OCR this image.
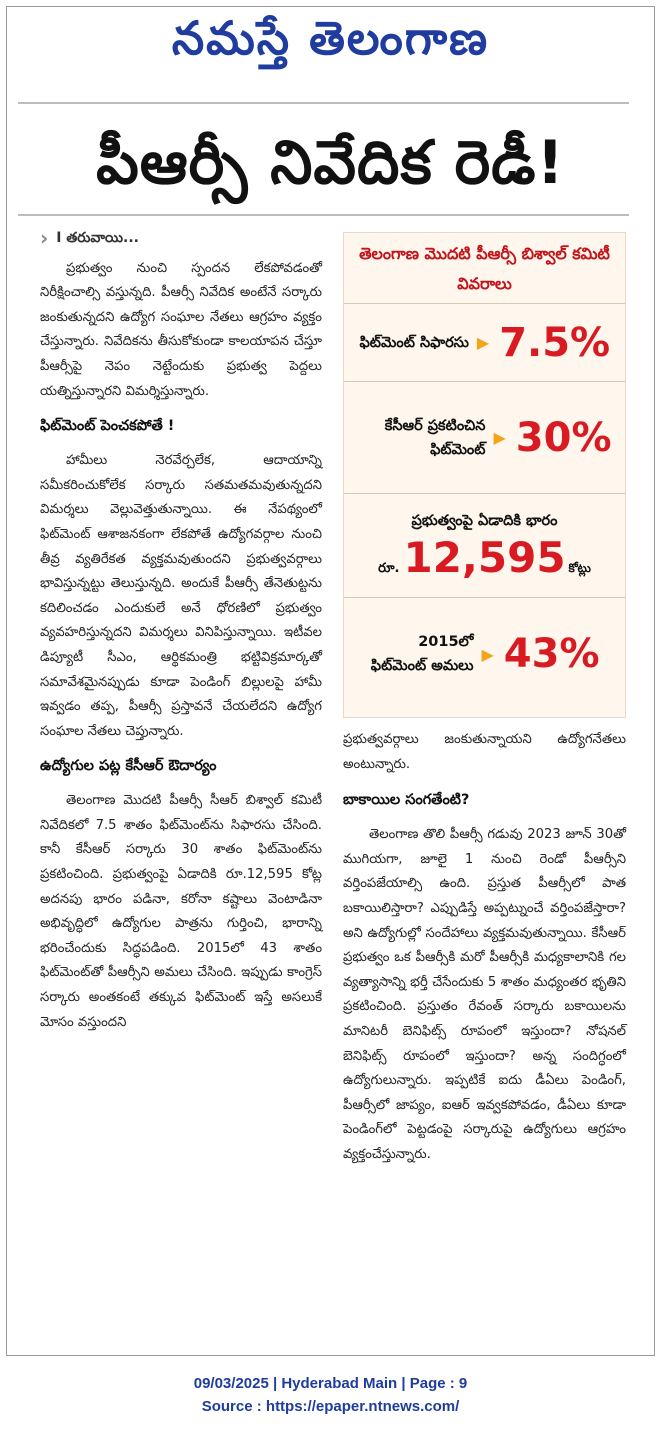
నమస్తే తెలంగాణ
పీఆర్సీ నివేదిక రెడీ!
› I తరువాయి...

ప్రభుత్వం నుంచి స్పందన లేకపోవడంతో నిరీక్షించాల్సి వస్తున్నది. పీఆర్సీ నివేదిక అంటేనే సర్కారు జంకుతున్నదని ఉద్యోగ సంఘాల నేతలు ఆగ్రహం వ్యక్తం చేస్తున్నారు. నివేదికను తీసుకోకుండా కాలయాపన చేస్తూ పీఆర్సీపై నెపం నెట్టేందుకు ప్రభుత్వ పెద్దలు యత్నిస్తున్నారని విమర్శిస్తున్నారు.

ఫిట్‌మెంట్ పెంచకపోతే !

హామీలు నెరవేర్చలేక, ఆదాయాన్ని సమీకరించుకోలేక సర్కారు సతమతమవుతున్నదని విమర్శలు వెల్లువెత్తుతున్నాయి. ఈ నేపథ్యంలో ఫిట్‌మెంట్ ఆశాజనకంగా లేకపోతే ఉద్యోగవర్గాల నుంచి తీవ్ర వ్యతిరేకత వ్యక్తమవుతుందని ప్రభుత్వవర్గాలు భావిస్తున్నట్టు తెలుస్తున్నది. అందుకే పీఆర్సీ తేనెతుట్టను కదిలించడం ఎందుకులే అనే ధోరణిలో ప్రభుత్వం వ్యవహరిస్తున్నదని విమర్శలు వినిపిస్తున్నాయి. ఇటీవల డిప్యూటీ సీఎం, ఆర్థికమంత్రి భట్టివిక్రమార్కతో సమావేశమైనప్పుడు కూడా పెండింగ్ బిల్లులపై హామీ ఇవ్వడం తప్ప, పీఆర్సీ ప్రస్తావనే చేయలేదని ఉద్యోగ సంఘాల నేతలు చెప్తున్నారు.

ఉద్యోగుల పట్ల కేసీఆర్ ఔదార్యం

తెలంగాణ మొదటి పీఆర్సీ సీఆర్ బిశ్వాల్ కమిటీ నివేదికలో 7.5 శాతం ఫిట్‌మెంట్‌ను సిఫారసు చేసింది. కానీ కేసీఆర్ సర్కారు 30 శాతం ఫిట్‌మెంట్‌ను ప్రకటించింది. ప్రభుత్వంపై ఏడాదికి రూ.12,595 కోట్ల అదనపు భారం పడినా, కరోనా కష్టాలు వెంటాడినా అభివృద్ధిలో ఉద్యోగుల పాత్రను గుర్తించి, భారాన్ని భరించేందుకు సిద్ధపడింది. 2015లో 43 శాతం ఫిట్‌మెంట్‌తో పీఆర్సీని అమలు చేసింది. ఇప్పుడు కాంగ్రెస్ సర్కారు అంతకంటే తక్కువ ఫిట్‌మెంట్ ఇస్తే అసలుకే మోసం వస్తుందని

తెలంగాణ మొదటి పీఆర్సీ బిశ్వాల్ కమిటీ వివరాలు
ఫిట్‌మెంట్ సిఫారసు ▶ 7.5%
కేసీఆర్ ప్రకటించిన ఫిట్‌మెంట్
▶ 30%
ప్రభుత్వంపై ఏడాదికి భారం
రూ. 12,595 కోట్లు
2015లో ఫిట్‌మెంట్ అమలు
▶ 43%

ప్రభుత్వవర్గాలు జంకుతున్నాయని ఉద్యోగనేతలు అంటున్నారు.

బాకాయిల సంగతేంటి?

తెలంగాణ తొలి పీఆర్సీ గడువు 2023 జూన్ 30తో ముగియగా, జూలై 1 నుంచి రెండో పీఆర్సీని వర్తింపజేయాల్సి ఉంది. ప్రస్తుత పీఆర్సీలో పాత బకాయిలిస్తారా? ఎప్పుడిస్తే అప్పట్నుంచే వర్తింపజేస్తారా? అని ఉద్యోగుల్లో సందేహాలు వ్యక్తమవుతున్నాయి. కేసీఆర్ ప్రభుత్వం ఒక పీఆర్సీకి మరో పీఆర్సీకి మధ్యకాలానికి గల వ్యత్యాసాన్ని భర్తీ చేసేందుకు 5 శాతం మధ్యంతర భృతిని ప్రకటించింది. ప్రస్తుతం రేవంత్ సర్కారు బకాయిలను మానిటరీ బెనిఫిట్స్ రూపంలో ఇస్తుందా? నోషనల్ బెనిఫిట్స్ రూపంలో ఇస్తుందా? అన్న సందిగ్ధంలో ఉద్యోగులున్నారు. ఇప్పటికే ఐదు డీఏలు పెండింగ్, పీఆర్సీలో జాప్యం, ఐఆర్ ఇవ్వకపోవడం, డీఏలు కూడా పెండింగ్‌లో పెట్టడంపై సర్కారుపై ఉద్యోగులు ఆగ్రహం వ్యక్తంచేస్తున్నారు.

09/03/2025 | Hyderabad Main | Page : 9
Source : https://epaper.ntnews.com/
